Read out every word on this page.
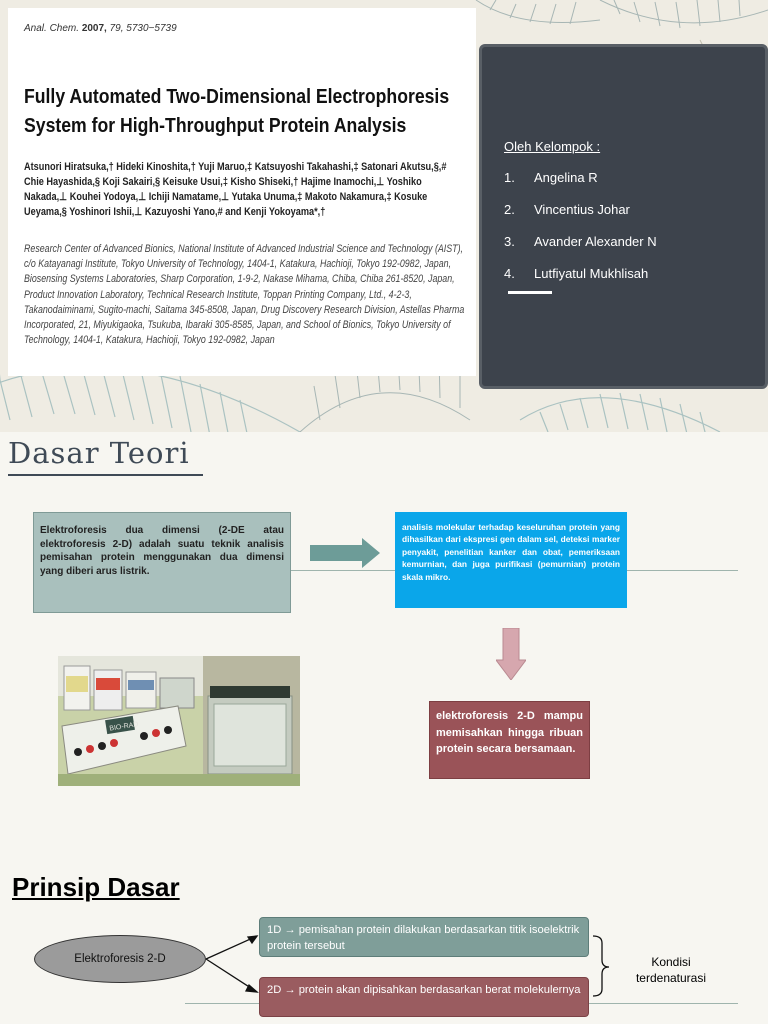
Anal. Chem. 2007, 79, 5730−5739
Fully Automated Two-Dimensional Electrophoresis System for High-Throughput Protein Analysis
Atsunori Hiratsuka,† Hideki Kinoshita,† Yuji Maruo,‡ Katsuyoshi Takahashi,‡ Satonari Akutsu,§,# Chie Hayashida,§ Koji Sakairi,§ Keisuke Usui,‡ Kisho Shiseki,† Hajime Inamochi,⊥ Yoshiko Nakada,⊥ Kouhei Yodoya,⊥ Ichiji Namatame,⊥ Yutaka Unuma,‡ Makoto Nakamura,‡ Kosuke Ueyama,§ Yoshinori Ishii,⊥ Kazuyoshi Yano,# and Kenji Yokoyama*,†
Research Center of Advanced Bionics, National Institute of Advanced Industrial Science and Technology (AIST), c/o Katayanagi Institute, Tokyo University of Technology, 1404-1, Katakura, Hachioji, Tokyo 192-0982, Japan, Biosensing Systems Laboratories, Sharp Corporation, 1-9-2, Nakase Mihama, Chiba, Chiba 261-8520, Japan, Product Innovation Laboratory, Technical Research Institute, Toppan Printing Company, Ltd., 4-2-3, Takanodaiminami, Sugito-machi, Saitama 345-8508, Japan, Drug Discovery Research Division, Astellas Pharma Incorporated, 21, Miyukigaoka, Tsukuba, Ibaraki 305-8585, Japan, and School of Bionics, Tokyo University of Technology, 1404-1, Katakura, Hachioji, Tokyo 192-0982, Japan
Oleh Kelompok :
1. Angelina R
2. Vincentius Johar
3. Avander Alexander N
4. Lutfiyatul Mukhlisah
Dasar Teori
Elektroforesis dua dimensi (2-DE atau elektroforesis 2-D) adalah suatu teknik analisis pemisahan protein menggunakan dua dimensi yang diberi arus listrik.
analisis molekular terhadap keseluruhan protein yang dihasilkan dari ekspresi gen dalam sel, deteksi marker penyakit, penelitian kanker dan obat, pemeriksaan kemurnian, dan juga purifikasi (pemurnian) protein skala mikro.
BIO-RAD
elektroforesis 2-D mampu memisahkan hingga ribuan protein secara bersamaan.
Prinsip Dasar
Elektroforesis 2-D
1D → pemisahan protein dilakukan berdasarkan titik isoelektrik protein tersebut
2D → protein akan dipisahkan berdasarkan berat molekulernya
Kondisi terdenaturasi
